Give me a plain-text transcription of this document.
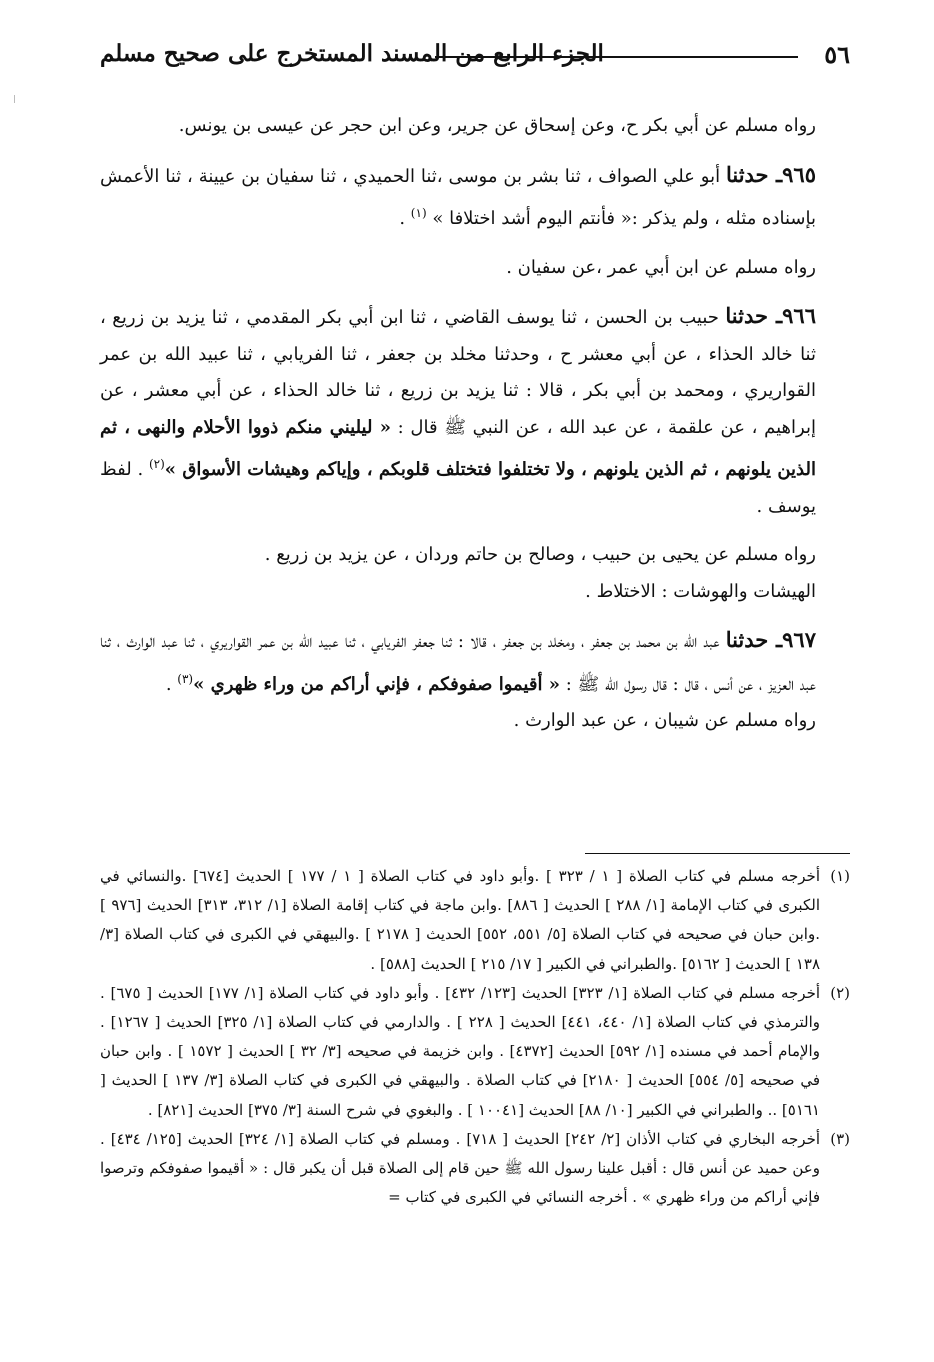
٥٦
الجزء الرابع من المسند المستخرج على صحيح مسلم

رواه مسلم عن أبي بكر ح، وعن إسحاق عن جرير، وعن ابن حجر عن عيسى بن يونس.

٩٦٥ـ حدثنا أبو علي الصواف ، ثنا بشر بن موسى ،ثنا الحميدي ، ثنا سفيان بن عيينة ، ثنا الأعمش بإسناده مثله ، ولم يذكر :« فأنتم اليوم أشد اختلافا » $^{(١)}$ .

رواه مسلم عن ابن أبي عمر ،عن سفيان .

٩٦٦ـ حدثنا حبيب بن الحسن ، ثنا يوسف القاضي ، ثنا ابن أبي بكر المقدمي ، ثنا يزيد بن زريع ، ثنا خالد الحذاء ، عن أبي معشر ح ، وحدثنا مخلد بن جعفر ، ثنا الفريابي ، ثنا عبيد الله بن عمر القواريري ، ومحمد بن أبي بكر ، قالا : ثنا يزيد بن زريع ، ثنا خالد الحذاء ، عن أبي معشر ، عن إبراهيم ، عن علقمة ، عن عبد الله ، عن النبي ﷺ قال : « ليليني منكم ذووا الأحلام والنهى ، ثم الذين يلونهم ، ثم الذين يلونهم ، ولا تختلفوا فتختلف قلوبكم ، وإياكم وهيشات الأسواق »$^{(٢)}$ . لفظ يوسف .

رواه مسلم عن يحيى بن حبيب ، وصالح بن حاتم وردان ، عن يزيد بن زريع .

الهيشات والهوشات : الاختلاط .

٩٦٧ـ حدثنا عبد الله بن محمد بن جعفر ، ومخلد بن جعفر ، قالا : ثنا جعفر الفريابي ، ثنا عبيد الله بن عمر القواريري ، ثنا عبد الوارث ، ثنا عبد العزيز ، عن أنس ، قال : قال رسول الله ﷺ : « أقيموا صفوفكم ، فإني أراكم من وراء ظهري »$^{(٣)}$ .

رواه مسلم عن شيبان ، عن عبد الوارث .

(١)
أخرجه مسلم في كتاب الصلاة [ ١ / ٣٢٣ ] .وأبو داود في كتاب الصلاة [ ١ / ١٧٧ ] الحديث [٦٧٤] .والنسائي في الكبرى في كتاب الإمامة [١/ ٢٨٨ ] الحديث [ ٨٨٦] .وابن ماجة في كتاب إقامة الصلاة [١/ ٣١٢، ٣١٣] الحديث [٩٧٦ ] .وابن حبان في صحيحه في كتاب الصلاة [٥/ ٥٥١، ٥٥٢] الحديث [ ٢١٧٨ ] .والبيهقي في الكبرى في كتاب الصلاة [٣/ ١٣٨ ] الحديث [ ٥١٦٢] .والطبراني في الكبير [ ١٧/ ٢١٥ ] الحديث [٥٨٨] .

(٢)
أخرجه مسلم في كتاب الصلاة [١/ ٣٢٣] الحديث [١٢٣/ ٤٣٢] . وأبو داود في كتاب الصلاة [١/ ١٧٧] الحديث [ ٦٧٥] . والترمذي في كتاب الصلاة [١/ ٤٤٠، ٤٤١] الحديث [ ٢٢٨ ] . والدارمي في كتاب الصلاة [١/ ٣٢٥] الحديث [ ١٢٦٧] . والإمام أحمد في مسنده [١/ ٥٩٢] الحديث [٤٣٧٢] . وابن خزيمة في صحيحه [٣/ ٣٢ ] الحديث [ ١٥٧٢ ] . وابن حبان في صحيحه [٥/ ٥٥٤] الحديث [ ٢١٨٠] في كتاب الصلاة . والبيهقي في الكبرى في كتاب الصلاة [٣/ ١٣٧ ] الحديث [ ٥١٦١] .. والطبراني في الكبير [١٠/ ٨٨] الحديث [١٠٠٤١ ] . والبغوي في شرح السنة [٣/ ٣٧٥] الحديث [٨٢١] .

(٣)
أخرجه البخاري في كتاب الأذان [٢/ ٢٤٢] الحديث [ ٧١٨] . ومسلم في كتاب الصلاة [١/ ٣٢٤] الحديث [١٢٥/ ٤٣٤] . وعن حميد عن أنس قال : أقبل علينا رسول الله ﷺ حين قام إلى الصلاة قبل أن يكبر قال : « أقيموا صفوفكم وترصوا فإني أراكم من وراء ظهري » . أخرجه النسائي في الكبرى في كتاب =
